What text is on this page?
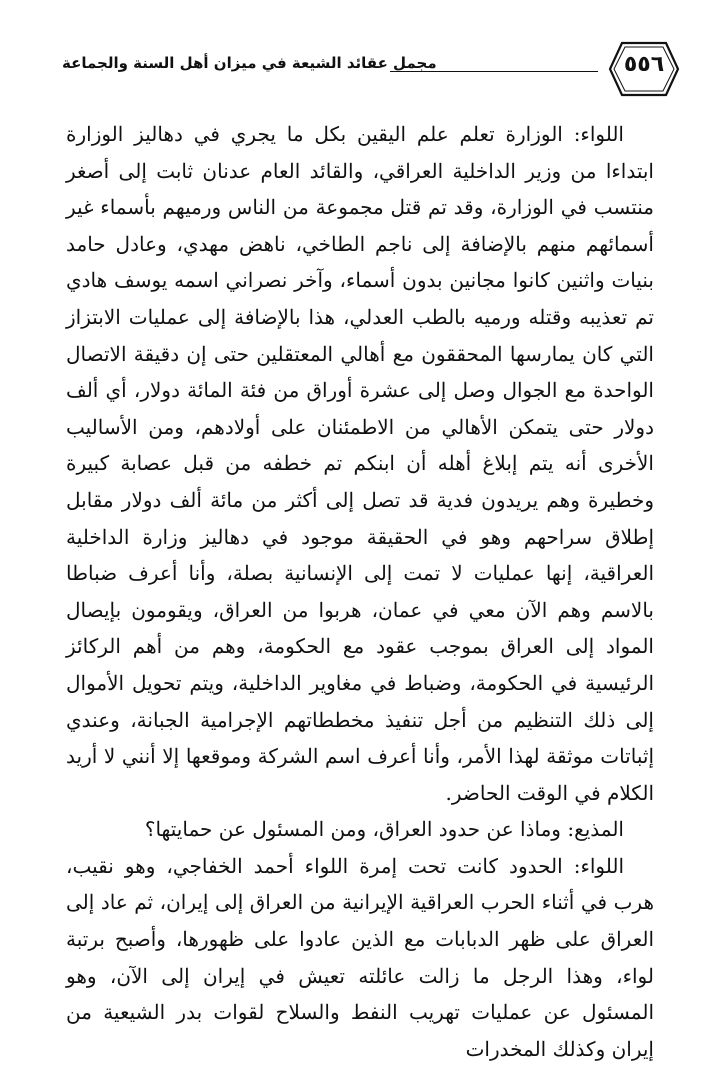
٥٥٦
مجمل عقائد الشيعة في ميزان أهل السنة والجماعة

اللواء: الوزارة تعلم علم اليقين بكل ما يجري في دهاليز الوزارة ابتداءا من وزير الداخلية العراقي، والقائد العام عدنان ثابت إلى أصغر منتسب في الوزارة، وقد تم قتل مجموعة من الناس ورميهم بأسماء غير أسمائهم منهم بالإضافة إلى ناجم الطاخي، ناهض مهدي، وعادل حامد بنيات واثنين كانوا مجانين بدون أسماء، وآخر نصراني اسمه يوسف هادي تم تعذيبه وقتله ورميه بالطب العدلي، هذا بالإضافة إلى عمليات الابتزاز التي كان يمارسها المحققون مع أهالي المعتقلين حتى إن دقيقة الاتصال الواحدة مع الجوال وصل إلى عشرة أوراق من فئة المائة دولار، أي ألف دولار حتى يتمكن الأهالي من الاطمئنان على أولادهم، ومن الأساليب الأخرى أنه يتم إبلاغ أهله أن ابنكم تم خطفه من قبل عصابة كبيرة وخطيرة وهم يريدون فدية قد تصل إلى أكثر من مائة ألف دولار مقابل إطلاق سراحهم وهو في الحقيقة موجود في دهاليز وزارة الداخلية العراقية، إنها عمليات لا تمت إلى الإنسانية بصلة، وأنا أعرف ضباطا بالاسم وهم الآن معي في عمان، هربوا من العراق، ويقومون بإيصال المواد إلى العراق بموجب عقود مع الحكومة، وهم من أهم الركائز الرئيسية في الحكومة، وضباط في مغاوير الداخلية، ويتم تحويل الأموال إلى ذلك التنظيم من أجل تنفيذ مخططاتهم الإجرامية الجبانة، وعندي إثباتات موثقة لهذا الأمر، وأنا أعرف اسم الشركة وموقعها إلا أنني لا أريد الكلام في الوقت الحاضر.

المذيع: وماذا عن حدود العراق، ومن المسئول عن حمايتها؟

اللواء: الحدود كانت تحت إمرة اللواء أحمد الخفاجي، وهو نقيب، هرب في أثناء الحرب العراقية الإيرانية من العراق إلى إيران، ثم عاد إلى العراق على ظهر الدبابات مع الذين عادوا على ظهورها، وأصبح برتبة لواء، وهذا الرجل ما زالت عائلته تعيش في إيران إلى الآن، وهو المسئول عن عمليات تهريب النفط والسلاح لقوات بدر الشيعية من إيران وكذلك المخدرات
